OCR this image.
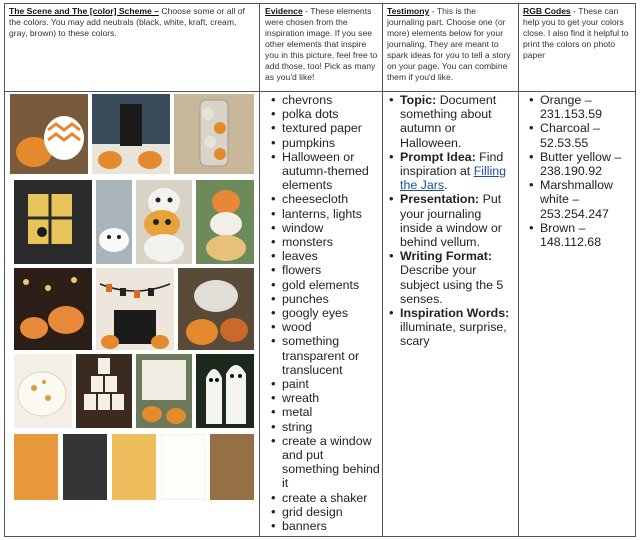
The Scene and The [color] Scheme – Choose some or all of the colors. You may add neutrals (black, white, kraft, cream, gray, brown) to these colors.
Evidence - These elements were chosen from the inspiration image. If you see other elements that inspire you in this picture, feel free to add those, too! Pick as many as you'd like!
Testimony - This is the journaling part. Choose one (or more) elements below for your journaling. They are meant to spark ideas for you to tell a story on your page. You can combine them if you'd like.
RGB Codes - These can help you to get your colors close. I also find it helpful to print the colors on photo paper
• chevrons
• polka dots
• textured paper
• pumpkins
• Halloween or autumn-themed elements
• cheesecloth
• lanterns, lights
• window
• monsters
• leaves
• flowers
• gold elements
• punches
• googly eyes
• wood
• something transparent or translucent
• paint
• wreath
• metal
• string
• create a window and put something behind it
• create a shaker
• grid design
• banners
• Topic: Document something about autumn or Halloween.
• Prompt Idea: Find inspiration at Filling the Jars.
• Presentation: Put your journaling inside a window or behind vellum.
• Writing Format: Describe your subject using the 5 senses.
• Inspiration Words: illuminate, surprise, scary
• Orange – 231.153.59
• Charcoal – 52.53.55
• Butter yellow – 238.190.92
• Marshmallow white – 253.254.247
• Brown – 148.112.68
